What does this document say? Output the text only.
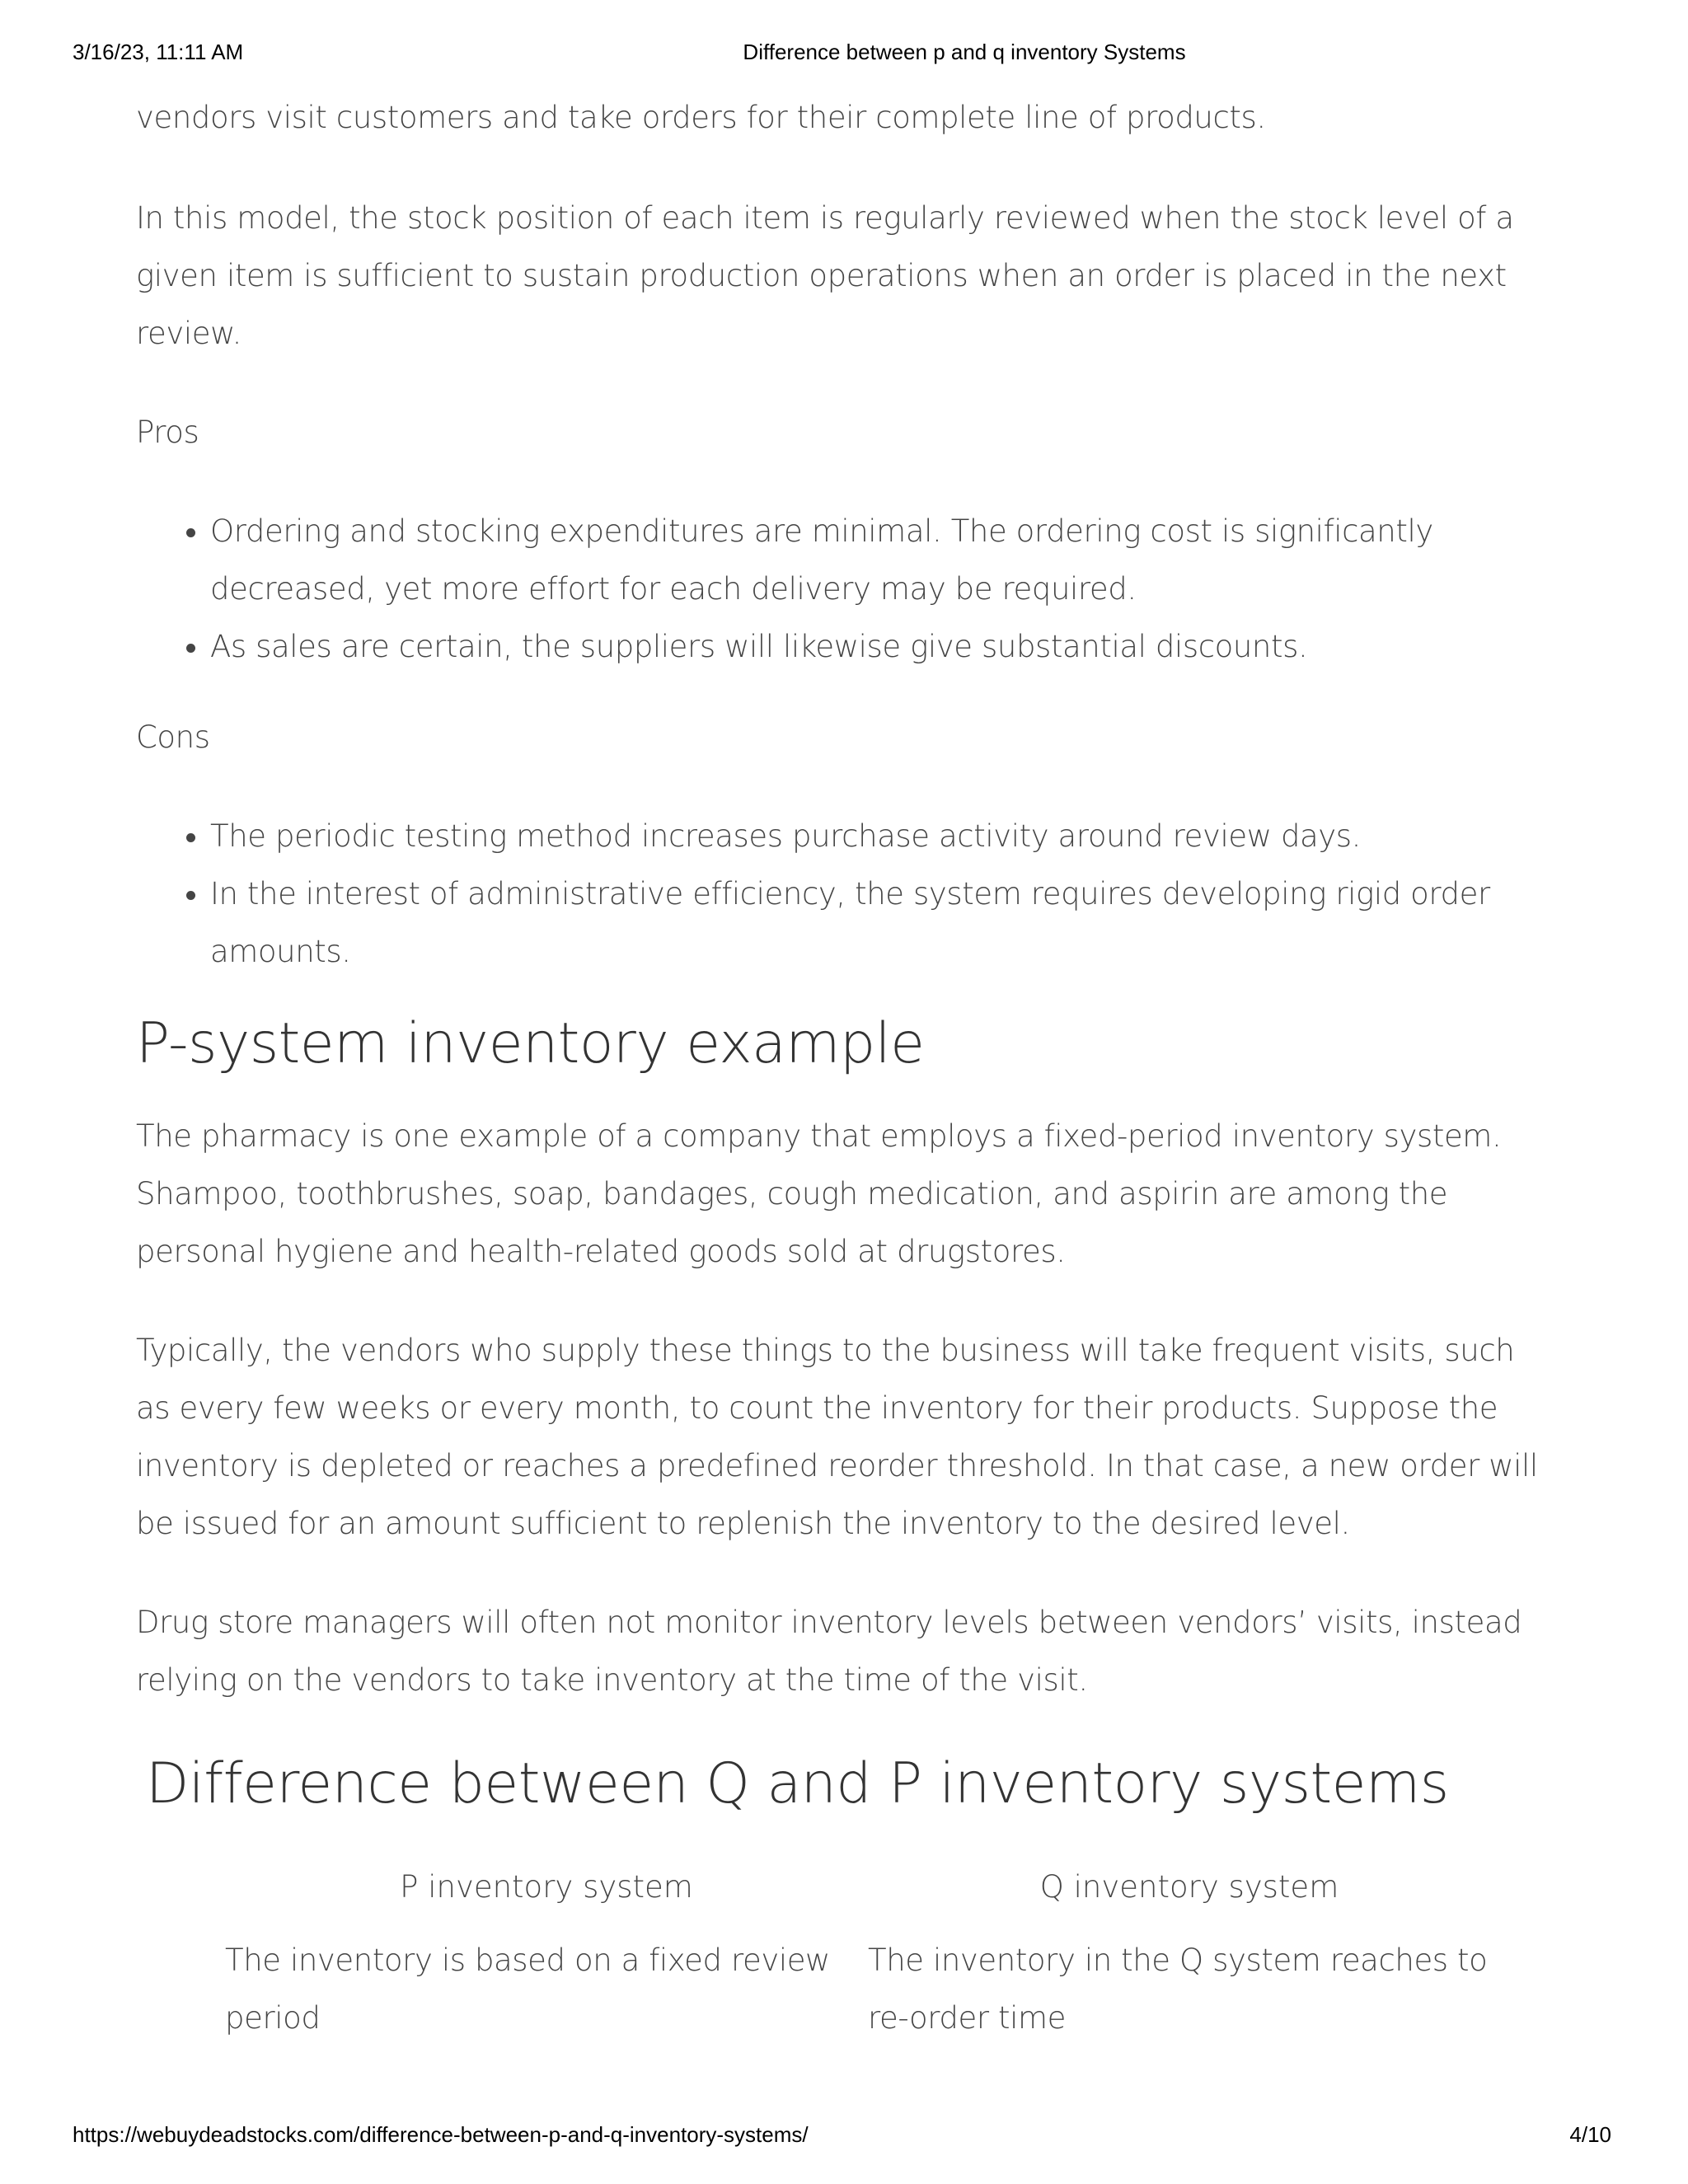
3/16/23, 11:11 AM	Difference between p and q inventory Systems

vendors visit customers and take orders for their complete line of products.

In this model, the stock position of each item is regularly reviewed when the stock level of a given item is sufficient to sustain production operations when an order is placed in the next review.

Pros

• Ordering and stocking expenditures are minimal. The ordering cost is significantly decreased, yet more effort for each delivery may be required.
• As sales are certain, the suppliers will likewise give substantial discounts.

Cons

• The periodic testing method increases purchase activity around review days.
• In the interest of administrative efficiency, the system requires developing rigid order amounts.
P-system inventory example

The pharmacy is one example of a company that employs a fixed-period inventory system. Shampoo, toothbrushes, soap, bandages, cough medication, and aspirin are among the personal hygiene and health-related goods sold at drugstores.

Typically, the vendors who supply these things to the business will take frequent visits, such as every few weeks or every month, to count the inventory for their products. Suppose the inventory is depleted or reaches a predefined reorder threshold. In that case, a new order will be issued for an amount sufficient to replenish the inventory to the desired level.

Drug store managers will often not monitor inventory levels between vendors’ visits, instead relying on the vendors to take inventory at the time of the visit.

Difference between Q and P inventory systems
P inventory system	Q inventory system
The inventory is based on a fixed review period	The inventory in the Q system reaches to re-order time
https://webuydeadstocks.com/difference-between-p-and-q-inventory-systems/	4/10
